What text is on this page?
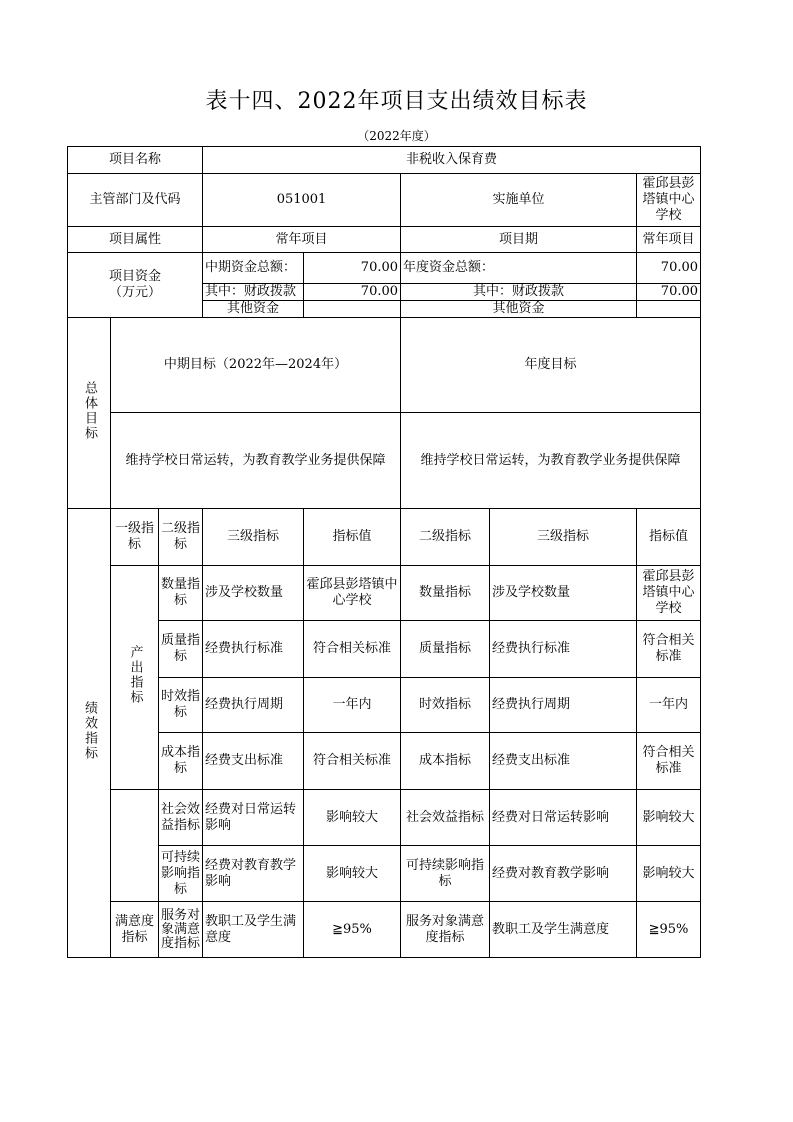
表十四、2022年项目支出绩效目标表
（2022年度）
项目名称			非税收入保育费				
主管部门及代码			051001		实施单位		霍邱县彭塔镇中心学校
项目属性			常年项目		项目期		常年项目
项目资金
（万元）			中期资金总额：	70.00	年度资金总额：		70.00
			其中：财政拨款	70.00	其中：财政拨款		70.00
			其他资金		其他资金		
总体目标	中期目标（2022年—2024年）				年度目标		
	维持学校日常运转，为教育教学业务提供保障				维持学校日常运转，为教育教学业务提供保障		
绩效指标	一级指标	二级指标	三级指标	指标值	二级指标	三级指标	指标值
	产出指标	数量指标	涉及学校数量	霍邱县彭塔镇中心学校	数量指标	涉及学校数量	霍邱县彭塔镇中心学校
		质量指标	经费执行标准	符合相关标准	质量指标	经费执行标准	符合相关标准
		时效指标	经费执行周期	一年内	时效指标	经费执行周期	一年内
		成本指标	经费支出标准	符合相关标准	成本指标	经费支出标准	符合相关标准
		社会效益指标	经费对日常运转影响	影响较大	社会效益指标	经费对日常运转影响	影响较大
		可持续影响指标	经费对教育教学影响	影响较大	可持续影响指标	经费对教育教学影响	影响较大
	满意度指标	服务对象满意度指标	教职工及学生满意度	≧95%	服务对象满意度指标	教职工及学生满意度	≧95%
